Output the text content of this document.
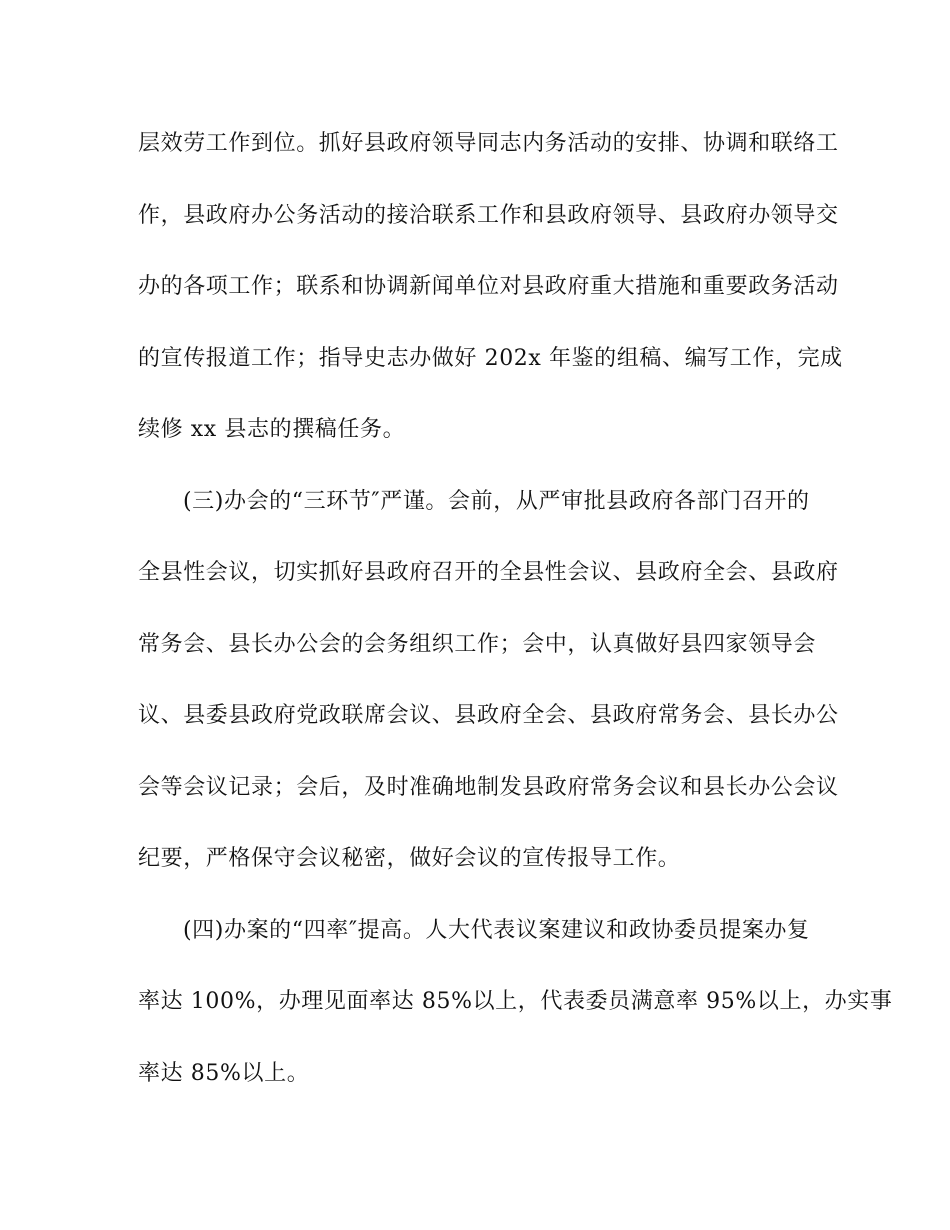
层效劳工作到位。抓好县政府领导同志内务活动的安排、协调和联络工
作，县政府办公务活动的接洽联系工作和县政府领导、县政府办领导交
办的各项工作；联系和协调新闻单位对县政府重大措施和重要政务活动
的宣传报道工作；指导史志办做好 202x 年鉴的组稿、编写工作，完成
续修 xx 县志的撰稿任务。
(三)办会的“三环节″严谨。会前，从严审批县政府各部门召开的
全县性会议，切实抓好县政府召开的全县性会议、县政府全会、县政府
常务会、县长办公会的会务组织工作；会中，认真做好县四家领导会
议、县委县政府党政联席会议、县政府全会、县政府常务会、县长办公
会等会议记录；会后，及时准确地制发县政府常务会议和县长办公会议
纪要，严格保守会议秘密，做好会议的宣传报导工作。
(四)办案的“四率″提高。人大代表议案建议和政协委员提案办复
率达 100%，办理见面率达 85%以上，代表委员满意率 95%以上，办实事
率达 85%以上。
